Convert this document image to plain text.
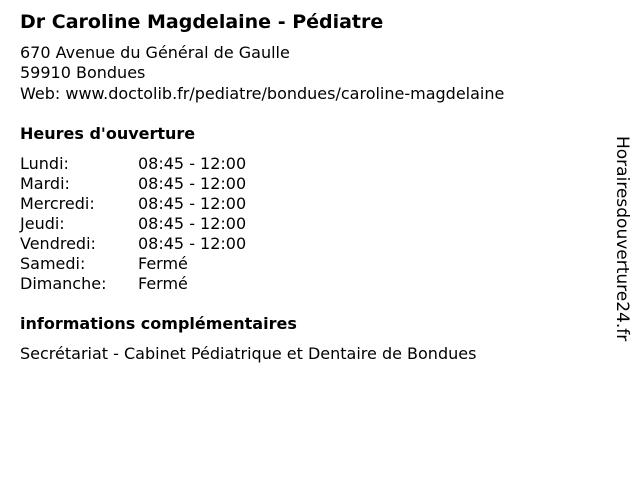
Dr Caroline Magdelaine - Pédiatre
670 Avenue du Général de Gaulle
59910 Bondues
Web: www.doctolib.fr/pediatre/bondues/caroline-magdelaine
Heures d'ouverture
Lundi:	08:45 - 12:00
Mardi:	08:45 - 12:00
Mercredi:	08:45 - 12:00
Jeudi:	08:45 - 12:00
Vendredi:	08:45 - 12:00
Samedi:	Fermé
Dimanche:	Fermé
informations complémentaires
Secrétariat - Cabinet Pédiatrique et Dentaire de Bondues
Horairesdouverture24.fr
